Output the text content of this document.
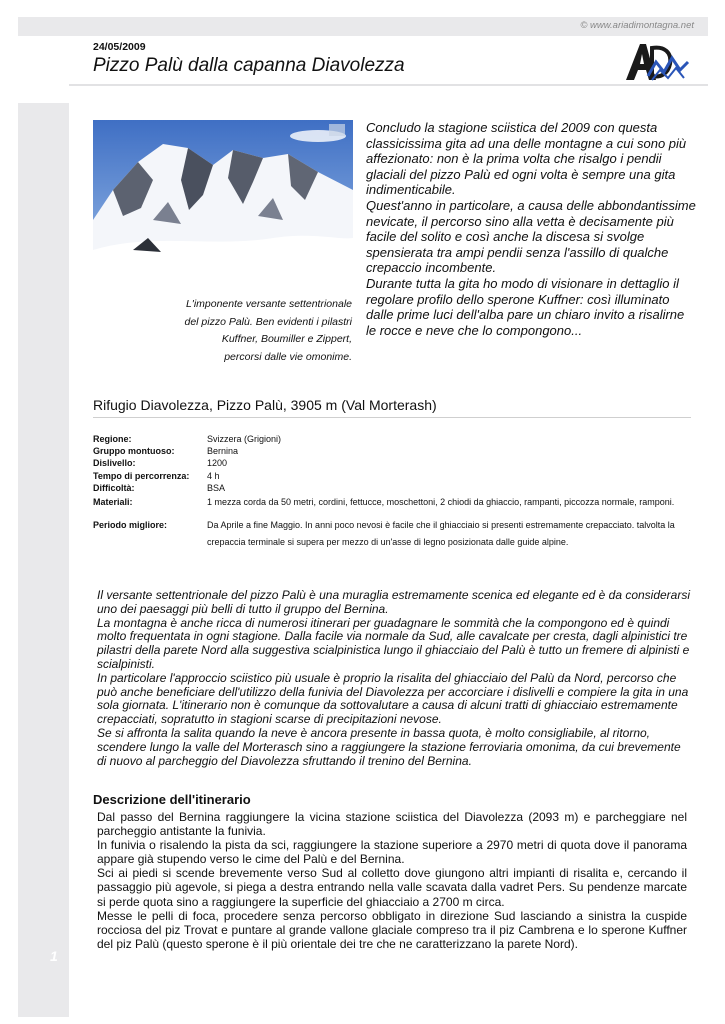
© www.ariadimontagna.net
24/05/2009
Pizzo Palù dalla capanna Diavolezza
L'imponente versante settentrionale
del pizzo Palù. Ben evidenti i pilastri
Kuffner, Boumiller e Zippert,
percorsi dalle vie omonime.

Concludo la stagione sciistica del 2009 con questa classicissima gita ad una delle montagne a cui sono più affezionato: non è la prima volta che risalgo i pendii glaciali del pizzo Palù ed ogni volta è sempre una gita indimenticabile.

Quest'anno in particolare, a causa delle abbondantissime nevicate, il percorso sino alla vetta è decisamente più facile del solito e così anche la discesa si svolge spensierata tra ampi pendii senza l'assillo di qualche crepaccio incombente.

Durante tutta la gita ho modo di visionare in dettaglio il regolare profilo dello sperone Kuffner: così illuminato dalle prime luci dell'alba pare un chiaro invito a risalirne le rocce e neve che lo compongono...

Rifugio Diavolezza, Pizzo Palù, 3905 m (Val Morterash)
Regione:	Svizzera (Grigioni)
Gruppo montuoso:	Bernina
Dislivello:	1200
Tempo di percorrenza:	4 h
Difficoltà:	BSA
Materiali:	1 mezza corda da 50 metri, cordini, fettucce, moschettoni, 2 chiodi da ghiaccio, rampanti, piccozza normale, ramponi.
Periodo migliore:	Da Aprile a fine Maggio. In anni poco nevosi è facile che il ghiacciaio si presenti estremamente crepacciato. talvolta la crepaccia terminale si supera per mezzo di un'asse di legno posizionata dalle guide alpine.

Il versante settentrionale del pizzo Palù è una muraglia estremamente scenica ed elegante ed è da considerarsi uno dei paesaggi più belli di tutto il gruppo del Bernina.

La montagna è anche ricca di numerosi itinerari per guadagnare le sommità che la compongono ed è quindi molto frequentata in ogni stagione. Dalla facile via normale da Sud, alle cavalcate per cresta, dagli alpinistici tre pilastri della parete Nord alla suggestiva scialpinistica lungo il ghiacciaio del Palù è tutto un fremere di alpinisti e scialpinisti.

In particolare l'approccio sciistico più usuale è proprio la risalita del ghiacciaio del Palù da Nord, percorso che può anche beneficiare dell'utilizzo della funivia del Diavolezza per accorciare i dislivelli e compiere la gita in una sola giornata. L'itinerario non è comunque da sottovalutare a causa di alcuni tratti di ghiacciaio estremamente crepacciati, sopratutto in stagioni scarse di precipitazioni nevose.

Se si affronta la salita quando la neve è ancora presente in bassa quota, è molto consigliabile, al ritorno, scendere lungo la valle del Morterasch sino a raggiungere la stazione ferroviaria omonima, da cui brevemente di nuovo al parcheggio del Diavolezza sfruttando il trenino del Bernina.

Descrizione dell'itinerario

Dal passo del Bernina raggiungere la vicina stazione sciistica del Diavolezza (2093 m) e parcheggiare nel parcheggio antistante la funivia.

In funivia o risalendo la pista da sci, raggiungere la stazione superiore a 2970 metri di quota dove il panorama appare già stupendo verso le cime del Palù e del Bernina.

Sci ai piedi si scende brevemente verso Sud al colletto dove giungono altri impianti di risalita e, cercando il passaggio più agevole, si piega a destra entrando nella valle scavata dalla vadret Pers. Su pendenze marcate si perde quota sino a raggiungere la superficie del ghiacciaio a 2700 m circa.

Messe le pelli di foca, procedere senza percorso obbligato in direzione Sud lasciando a sinistra la cuspide rocciosa del piz Trovat e puntare al grande vallone glaciale compreso tra il piz Cambrena e lo sperone Kuffner del piz Palù (questo sperone è il più orientale dei tre che ne caratterizzano la parete Nord).

1
